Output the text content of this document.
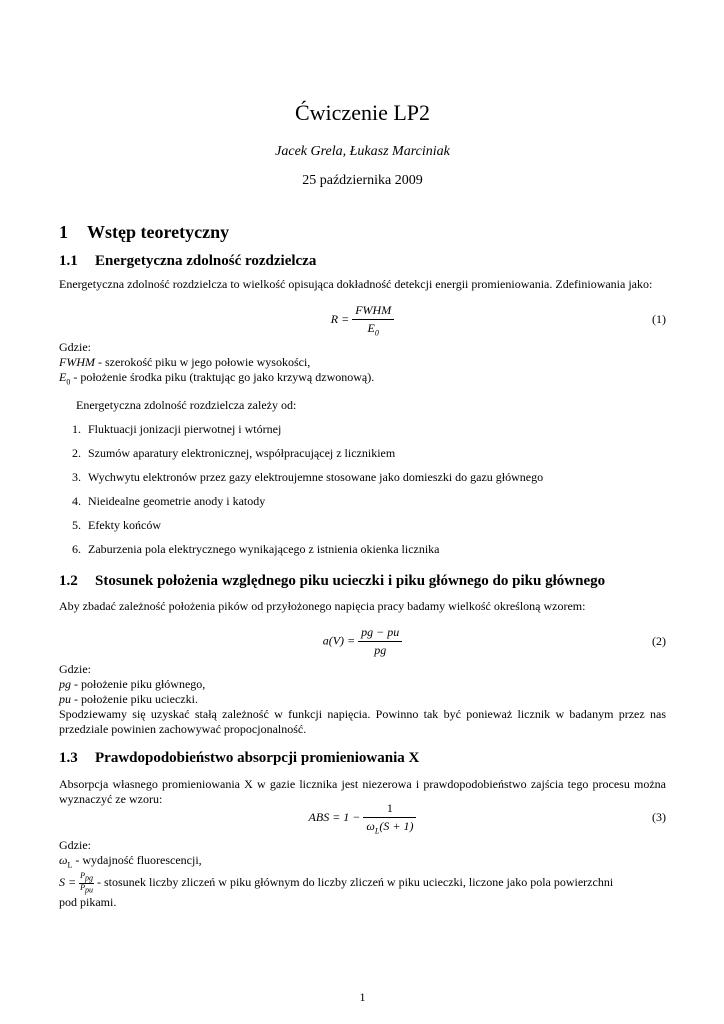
Ćwiczenie LP2
Jacek Grela, Łukasz Marciniak
25 października 2009
1 Wstęp teoretyczny
1.1 Energetyczna zdolność rozdzielcza
Energetyczna zdolność rozdzielcza to wielkość opisująca dokładność detekcji energii promieniowania. Zdefiniowania jako:
$R = \frac{\text{FWHM}}{E_0}$	(1)
Gdzie:
FWHM - szerokość piku w jego połowie wysokości,
$E_0$ - położenie środka piku (traktując go jako krzywą dzwonową).
Energetyczna zdolność rozdzielcza zależy od:
1. Fluktuacji jonizacji pierwotnej i wtórnej
2. Szumów aparatury elektronicznej, współpracującej z licznikiem
3. Wychwytu elektronów przez gazy elektroujemne stosowane jako domieszki do gazu głównego
4. Nieidealne geometrie anody i katody
5. Efekty końców
6. Zaburzenia pola elektrycznego wynikającego z istnienia okienka licznika
1.2 Stosunek położenia względnego piku ucieczki i piku głównego do piku głównego
Aby zbadać zależność położenia pików od przyłożonego napięcia pracy badamy wielkość określoną wzorem:
$a(V) = \frac{pg - pu}{pg}$	(2)
Gdzie:
pg - położenie piku głównego,
pu - położenie piku ucieczki.
Spodziewamy się uzyskać stałą zależność w funkcji napięcia. Powinno tak być ponieważ licznik w badanym przez nas przedziale powinien zachowywać propocjonalność.
1.3 Prawdopodobieństwo absorpcji promieniowania X
Absorpcja własnego promieniowania X w gazie licznika jest niezerowa i prawdopodobieństwo zajścia tego procesu można wyznaczyć ze wzoru:
ABS = $1 - \frac{1}{\omega_L(S + 1)}$	(3)
Gdzie:
$\omega_L$ - wydajność fluorescencji,
$S = P_{pg}$
$P_{pu}$
- stosunek liczby zliczeń w piku głównym do liczby zliczeń w piku ucieczki, liczone jako pola powierzchni
pod pikami.
1
